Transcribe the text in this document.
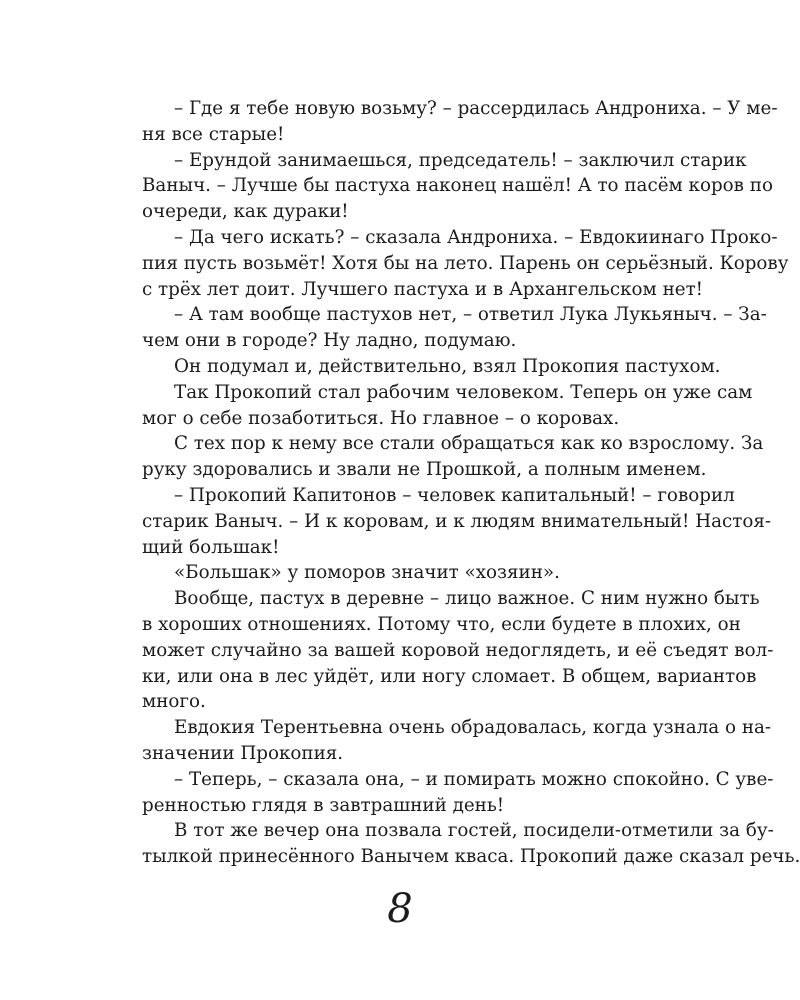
– Где я тебе новую возьму? – рассердилась Андрониха. – У ме-
ня все старые!
– Ерундой занимаешься, председатель! – заключил старик
Ваныч. – Лучше бы пастуха наконец нашёл! А то пасём коров по
очереди, как дураки!
– Да чего искать? – сказала Андрониха. – Евдокиинаго Проко-
пия пусть возьмёт! Хотя бы на лето. Парень он серьёзный. Корову
с трёх лет доит. Лучшего пастуха и в Архангельском нет!
– А там вообще пастухов нет, – ответил Лука Лукьяныч. – За-
чем они в городе? Ну ладно, подумаю.
Он подумал и, действительно, взял Прокопия пастухом.
Так Прокопий стал рабочим человеком. Теперь он уже сам
мог о себе позаботиться. Но главное – о коровах.
С тех пор к нему все стали обращаться как ко взрослому. За
руку здоровались и звали не Прошкой, а полным именем.
– Прокопий Капитонов – человек капитальный! – говорил
старик Ваныч. – И к коровам, и к людям внимательный! Настоя-
щий большак!
«Большак» у поморов значит «хозяин».
Вообще, пастух в деревне – лицо важное. С ним нужно быть
в хороших отношениях. Потому что, если будете в плохих, он
может случайно за вашей коровой недоглядеть, и её съедят вол-
ки, или она в лес уйдёт, или ногу сломает. В общем, вариантов
много.
Евдокия Терентьевна очень обрадовалась, когда узнала о на-
значении Прокопия.
– Теперь, – сказала она, – и помирать можно спокойно. С уве-
ренностью глядя в завтрашний день!
В тот же вечер она позвала гостей, посидели-отметили за бу-
тылкой принесённого Ванычем кваса. Прокопий даже сказал речь.
8
